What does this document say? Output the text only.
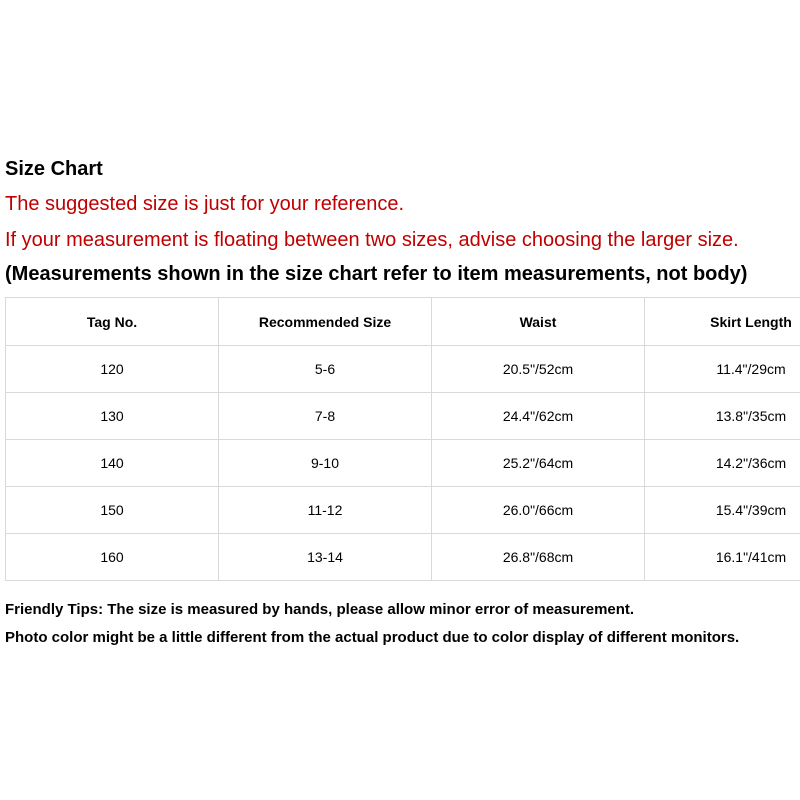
Size Chart
The suggested size is just for your reference.
If your measurement is floating between two sizes, advise choosing the larger size.
(Measurements shown in the size chart refer to item measurements, not body)
Tag No.	Recommended Size	Waist	Skirt Length
120	5-6	20.5"/52cm	11.4"/29cm
130	7-8	24.4"/62cm	13.8"/35cm
140	9-10	25.2"/64cm	14.2"/36cm
150	11-12	26.0"/66cm	15.4"/39cm
160	13-14	26.8"/68cm	16.1"/41cm
Friendly Tips: The size is measured by hands, please allow minor error of measurement.
Photo color might be a little different from the actual product due to color display of different monitors.
